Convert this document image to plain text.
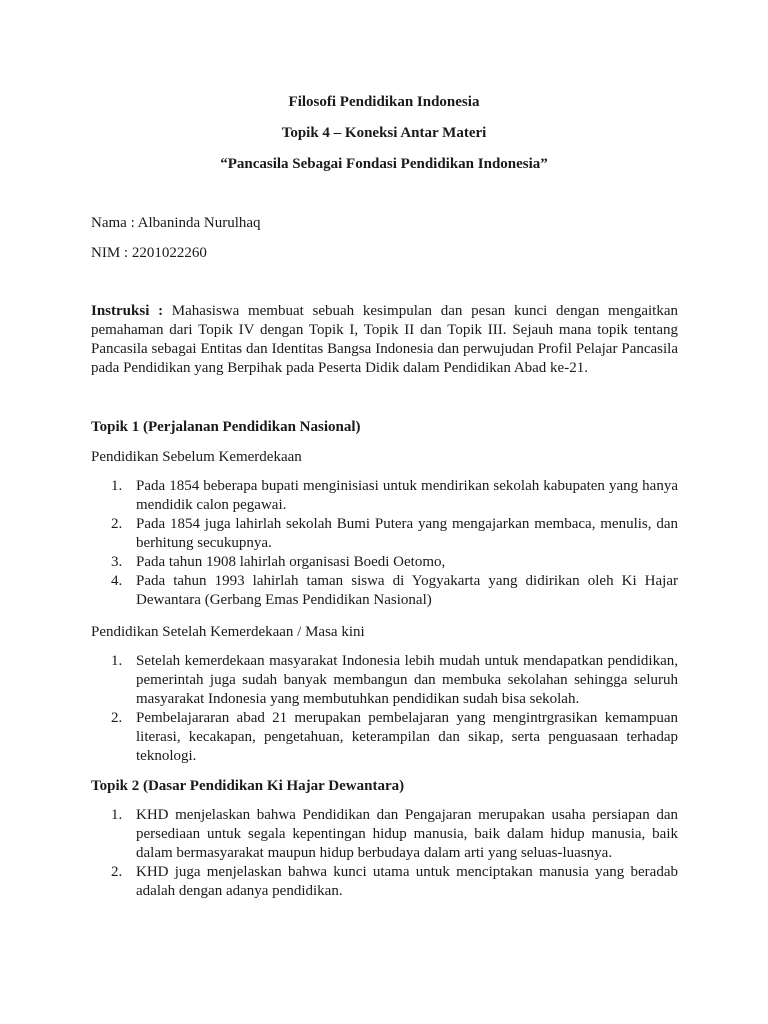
Filosofi Pendidikan Indonesia
Topik 4 – Koneksi Antar Materi
“Pancasila Sebagai Fondasi Pendidikan Indonesia”
Nama : Albaninda Nurulhaq
NIM : 2201022260
Instruksi : Mahasiswa membuat sebuah kesimpulan dan pesan kunci dengan mengaitkan pemahaman dari Topik IV dengan Topik I, Topik II dan Topik III. Sejauh mana topik tentang Pancasila sebagai Entitas dan Identitas Bangsa Indonesia dan perwujudan Profil Pelajar Pancasila pada Pendidikan yang Berpihak pada Peserta Didik dalam Pendidikan Abad ke-21.
Topik 1 (Perjalanan Pendidikan Nasional)
Pendidikan Sebelum Kemerdekaan
1. Pada 1854 beberapa bupati menginisiasi untuk mendirikan sekolah kabupaten yang hanya mendidik calon pegawai.
2. Pada 1854 juga lahirlah sekolah Bumi Putera yang mengajarkan membaca, menulis, dan berhitung secukupnya.
3. Pada tahun 1908 lahirlah organisasi Boedi Oetomo,
4. Pada tahun 1993 lahirlah taman siswa di Yogyakarta yang didirikan oleh Ki Hajar Dewantara (Gerbang Emas Pendidikan Nasional)
Pendidikan Setelah Kemerdekaan / Masa kini
1. Setelah kemerdekaan masyarakat Indonesia lebih mudah untuk mendapatkan pendidikan, pemerintah juga sudah banyak membangun dan membuka sekolahan sehingga seluruh masyarakat Indonesia yang membutuhkan pendidikan sudah bisa sekolah.
2. Pembelajararan abad 21 merupakan pembelajaran yang mengintrgrasikan kemampuan literasi, kecakapan, pengetahuan, keterampilan dan sikap, serta penguasaan terhadap teknologi.
Topik 2 (Dasar Pendidikan Ki Hajar Dewantara)
1. KHD menjelaskan bahwa Pendidikan dan Pengajaran merupakan usaha persiapan dan persediaan untuk segala kepentingan hidup manusia, baik dalam hidup manusia, baik dalam bermasyarakat maupun hidup berbudaya dalam arti yang seluas-luasnya.
2. KHD juga menjelaskan bahwa kunci utama untuk menciptakan manusia yang beradab adalah dengan adanya pendidikan.
